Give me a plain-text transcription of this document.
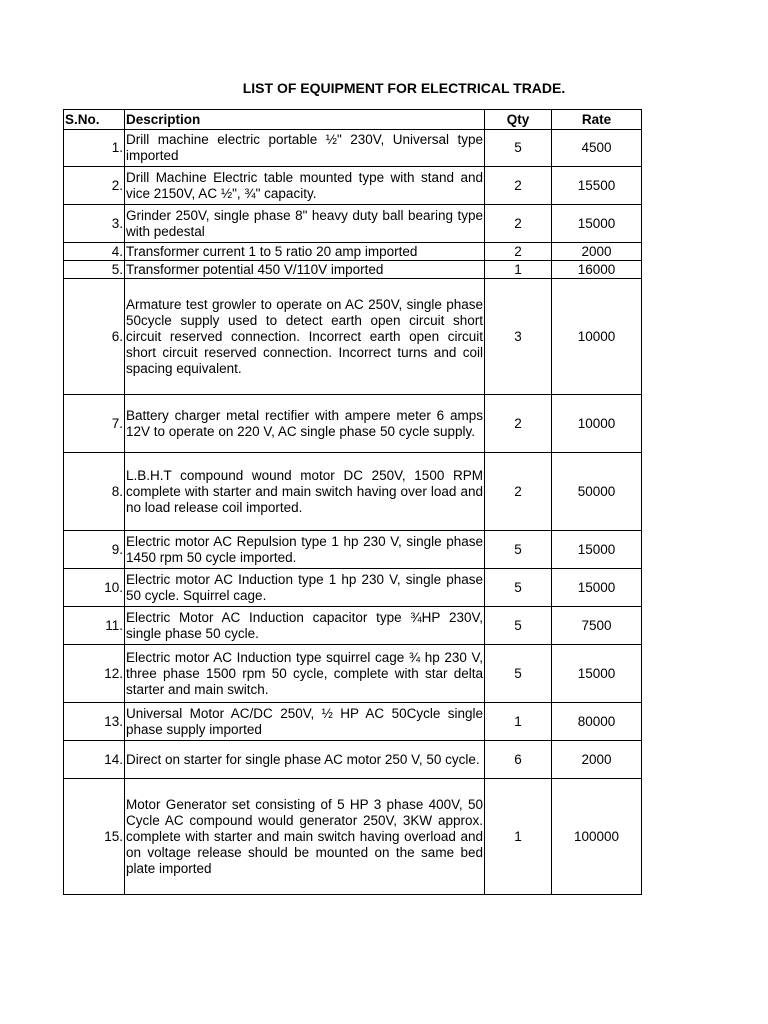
LIST OF EQUIPMENT FOR ELECTRICAL TRADE.
S.No.	Description	Qty	Rate
1.	Drill machine electric portable ½" 230V, Universal type imported	5	4500
2.	Drill Machine Electric table mounted type with stand and vice 2150V, AC ½", ¾" capacity.	2	15500
3.	Grinder 250V, single phase 8" heavy duty ball bearing type with pedestal	2	15000
4.	Transformer current 1 to 5 ratio 20 amp imported	2	2000
5.	Transformer potential 450 V/110V imported	1	16000
6.	Armature test growler to operate on AC 250V, single phase 50cycle supply used to detect earth open circuit short circuit reserved connection. Incorrect earth open circuit short circuit reserved connection. Incorrect turns and coil spacing equivalent.	3	10000
7.	Battery charger metal rectifier with ampere meter 6 amps 12V to operate on 220 V, AC single phase 50 cycle supply.	2	10000
8.	L.B.H.T compound wound motor DC 250V, 1500 RPM complete with starter and main switch having over load and no load release coil imported.	2	50000
9.	Electric motor AC Repulsion type 1 hp 230 V, single phase 1450 rpm 50 cycle imported.	5	15000
10.	Electric motor AC Induction type 1 hp 230 V, single phase 50 cycle. Squirrel cage.	5	15000
11.	Electric Motor AC Induction capacitor type ¾HP 230V, single phase 50 cycle.	5	7500
12.	Electric motor AC Induction type squirrel cage ¾ hp 230 V, three phase 1500 rpm 50 cycle, complete with star delta starter and main switch.	5	15000
13.	Universal Motor AC/DC 250V, ½ HP AC 50Cycle single phase supply imported	1	80000
14.	Direct on starter for single phase AC motor 250 V, 50 cycle.	6	2000
15.	Motor Generator set consisting of 5 HP 3 phase 400V, 50 Cycle AC compound would generator 250V, 3KW approx. complete with starter and main switch having overload and on voltage release should be mounted on the same bed plate imported	1	100000
